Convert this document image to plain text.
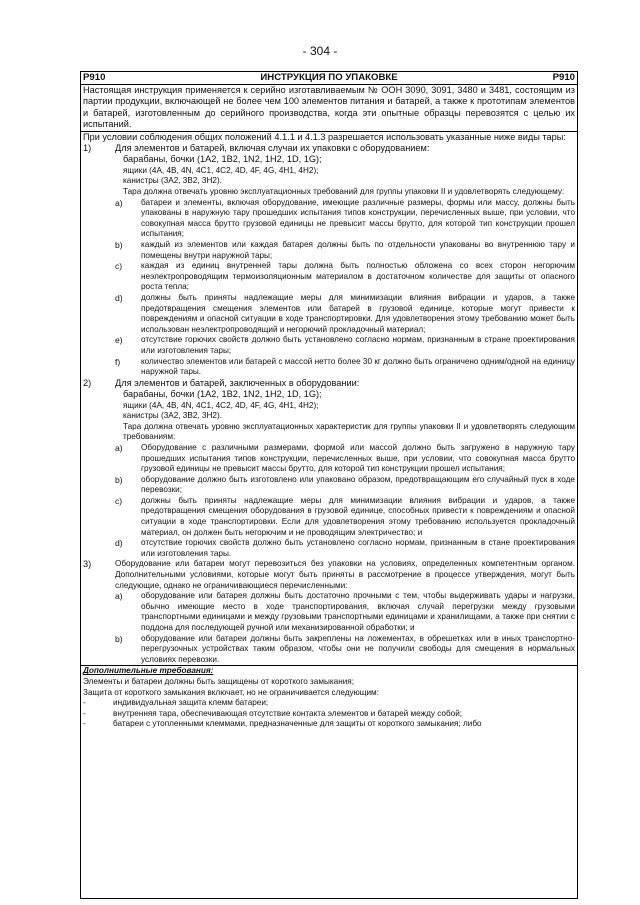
- 304 -
P910	ИНСТРУКЦИЯ ПО УПАКОВКЕ	P910

Настоящая инструкция применяется к серийно изготавливаемым № ООН 3090, 3091, 3480 и 3481, состоящим из партии продукции, включающей не более чем 100 элементов питания и батарей, а также к прототипам элементов и батарей, изготовленным до серийного производства, когда эти опытные образцы перевозятся с целью их испытаний.

При условии соблюдения общих положений 4.1.1 и 4.1.3 разрешается использовать указанные ниже виды тары:

1)	Для элементов и батарей, включая случаи их упаковки с оборудованием:

барабаны, бочки (1А2, 1В2, 1N2, 1Н2, 1D, 1G);

ящики (4А, 4В, 4N, 4С1, 4С2, 4D, 4F, 4G, 4Н1, 4Н2);

канистры (3А2, 3В2, 3Н2).

Тара должна отвечать уровню эксплуатационных требований для группы упаковки II и удовлетворять следующему:

а)	батареи и элементы, включая оборудование, имеющие различные размеры, формы или массу, должны быть упакованы в наружную тару прошедших испытания типов конструкции, перечисленных выше, при условии, что совокупная масса брутто грузовой единицы не превысит массы брутто, для которой тип конструкции прошел испытания;

b)	каждый из элементов или каждая батарея должны быть по отдельности упакованы во внутреннюю тару и помещены внутри наружной тары;

с)	каждая из единиц внутренней тары должна быть полностью обложена со всех сторон негорючим неэлектропроводящим термоизоляционным материалом в достаточном количестве для защиты от опасного роста тепла;

d)	должны быть приняты надлежащие меры для минимизации влияния вибрации и ударов, а также предотвращения смещения элементов или батарей в грузовой единице, которые могут привести к повреждениям и опасной ситуации в ходе транспортировки. Для удовлетворения этому требованию может быть использован неэлектропроводящий и негорючий прокладочный материал;

е)	отсутствие горючих свойств должно быть установлено согласно нормам, признанным в стране проектирования или изготовления тары;

f)	количество элементов или батарей с массой нетто более 30 кг должно быть ограничено одним/одной на единицу наружной тары.

2)	Для элементов и батарей, заключенных в оборудовании:

барабаны, бочки (1А2, 1В2, 1N2, 1Н2, 1D, 1G);

ящики (4А, 4В, 4N, 4С1, 4С2, 4D, 4F, 4G, 4Н1, 4Н2);

канистры (3А2, 3В2, 3Н2).

Тара должна отвечать уровню эксплуатационных характеристик для группы упаковки II и удовлетворять следующим требованиям:

а)	Оборудование с различными размерами, формой или массой должно быть загружено в наружную тару прошедших испытания типов конструкции, перечисленных выше, при условии, что совокупная масса брутто грузовой единицы не превысит массы брутто, для которой тип конструкции прошел испытания;

b)	оборудование должно быть изготовлено или упаковано образом, предотвращающим его случайный пуск в ходе перевозки;

с)	должны быть приняты надлежащие меры для минимизации влияния вибрации и ударов, а также предотвращения смещения оборудования в грузовой единице, способных привести к повреждениям и опасной ситуации в ходе транспортировки. Если для удовлетворения этому требованию используется прокладочный материал, он должен быть негорючим и не проводящим электричество; и

d)	отсутствие горючих свойств должно быть установлено согласно нормам, признанным в стане проектирования или изготовления тары.

3)	Оборудование или батареи могут перевозиться без упаковки на условиях, определенных компетентным органом. Дополнительными условиями, которые могут быть приняты в рассмотрение в процессе утверждения, могут быть следующие, однако не ограничивающиеся перечисленными:

а)	оборудование или батарея должны быть достаточно прочными с тем, чтобы выдерживать удары и нагрузки, обычно имеющие место в ходе транспортирования, включая случай перегрузки между грузовыми транспортными единицами и между грузовыми транспортными единицами и хранилищами, а также при снятии с поддона для последующей ручной или механизированной обработки; и

b)	оборудование или батареи должны быть закреплены на ложементах, в обрешетках или в иных транспортно-перегрузочных устройствах таким образом, чтобы они не получили свободы для смещения в нормальных условиях перевозки.

Дополнительные требования:

Элементы и батареи должны быть защищены от короткого замыкания;

Защита от короткого замыкания включает, но не ограничивается следующим:

-	индивидуальная защита клемм батареи;
-	внутренняя тара, обеспечивающая отсутствие контакта элементов и батарей между собой;
-	батареи с утопленными клеммами, предназначенные для защиты от короткого замыкания; либо
